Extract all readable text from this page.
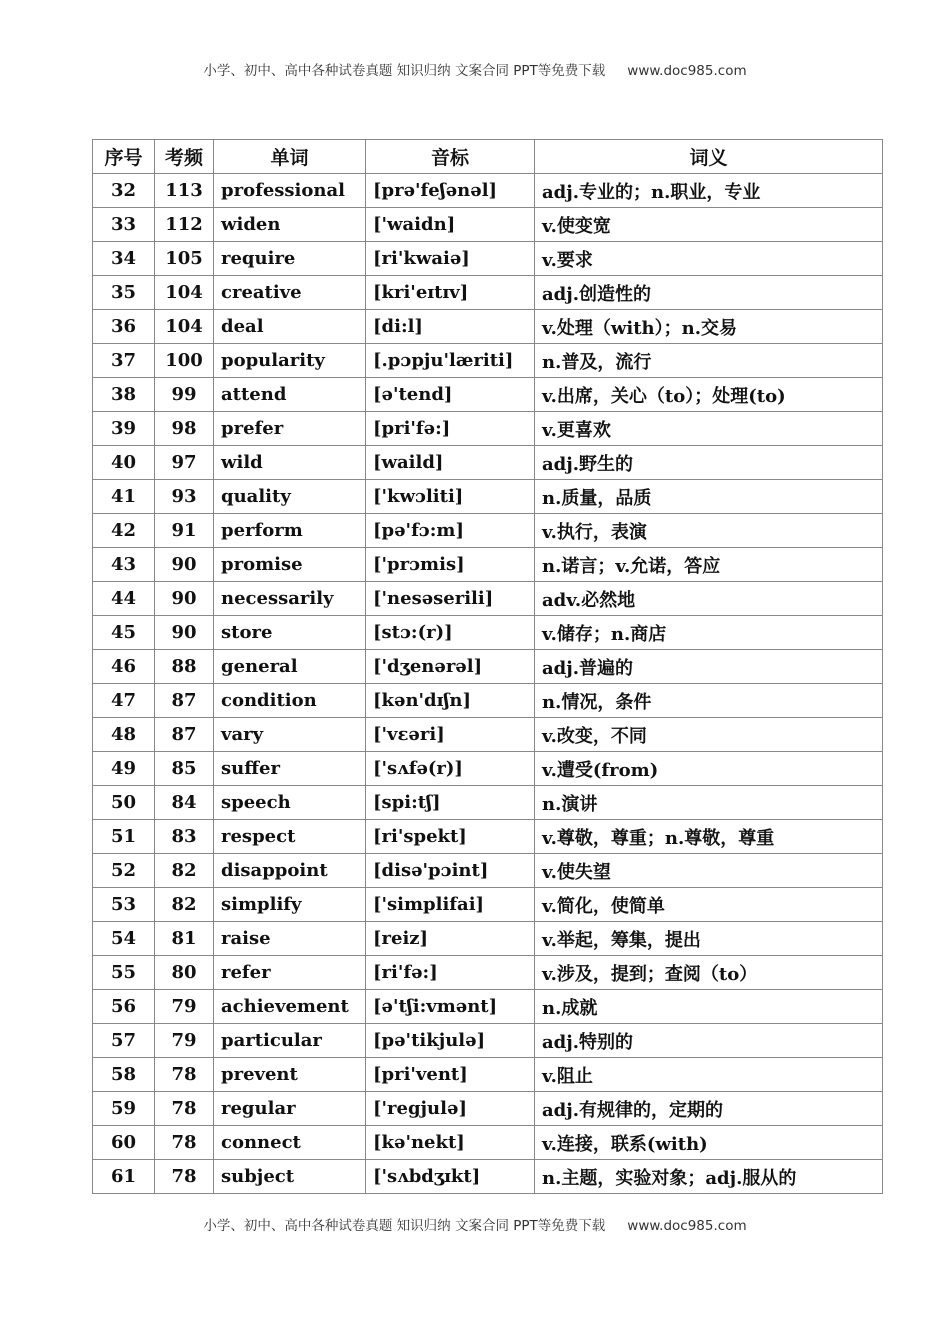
小学、初中、高中各种试卷真题 知识归纳 文案合同 PPT等免费下载 www.doc985.com
序号	考频	单词	音标	词义
32	113	professional	[prə'feʃənəl]	adj.专业的；n.职业，专业
33	112	widen	['waidn]	v.使变宽
34	105	require	[ri'kwaiə]	v.要求
35	104	creative	[kri'eɪtɪv]	adj.创造性的
36	104	deal	[di:l]	v.处理（with）；n.交易
37	100	popularity	[.pɔpju'læriti]	n.普及，流行
38	99	attend	[ə'tend]	v.出席，关心（to）；处理(to)
39	98	prefer	[pri'fə:]	v.更喜欢
40	97	wild	[waild]	adj.野生的
41	93	quality	['kwɔliti]	n.质量，品质
42	91	perform	[pə'fɔ:m]	v.执行，表演
43	90	promise	['prɔmis]	n.诺言；v.允诺，答应
44	90	necessarily	['nesəserili]	adv.必然地
45	90	store	[stɔ:(r)]	v.储存；n.商店
46	88	general	['dʒenərəl]	adj.普遍的
47	87	condition	[kən'dɪʃn]	n.情况，条件
48	87	vary	['vɛəri]	v.改变，不同
49	85	suffer	['sʌfə(r)]	v.遭受(from)
50	84	speech	[spi:tʃ]	n.演讲
51	83	respect	[ri'spekt]	v.尊敬，尊重；n.尊敬，尊重
52	82	disappoint	[disə'pɔint]	v.使失望
53	82	simplify	['simplifai]	v.简化，使简单
54	81	raise	[reiz]	v.举起，筹集，提出
55	80	refer	[ri'fə:]	v.涉及，提到；查阅（to）
56	79	achievement	[ə'tʃi:vmənt]	n.成就
57	79	particular	[pə'tikjulə]	adj.特别的
58	78	prevent	[pri'vent]	v.阻止
59	78	regular	['regjulə]	adj.有规律的，定期的
60	78	connect	[kə'nekt]	v.连接，联系(with)
61	78	subject	['sʌbdʒɪkt]	n.主题，实验对象；adj.服从的
小学、初中、高中各种试卷真题 知识归纳 文案合同 PPT等免费下载 www.doc985.com
